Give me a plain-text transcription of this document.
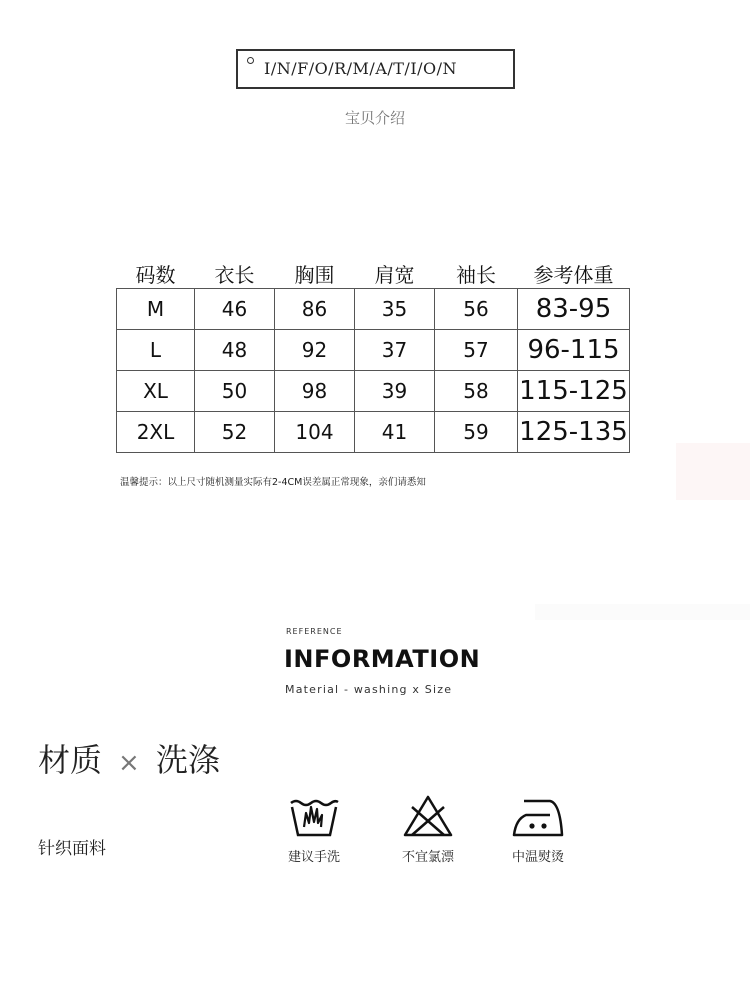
I/N/F/O/R/M/A/T/I/O/N
宝贝介绍
码数	衣长	胸围	肩宽	袖长	参考体重
M	46	86	35	56	83-95
L	48	92	37	57	96-115
XL	50	98	39	58	115-125
2XL	52	104	41	59	125-135
温馨提示：以上尺寸随机测量实际有2-4CM误差属正常现象，亲们请悉知
REFERENCE
INFORMATION
Material - washing x Size
材质 × 洗涤
针织面料	建议手洗	不宜氯漂	中温熨烫
